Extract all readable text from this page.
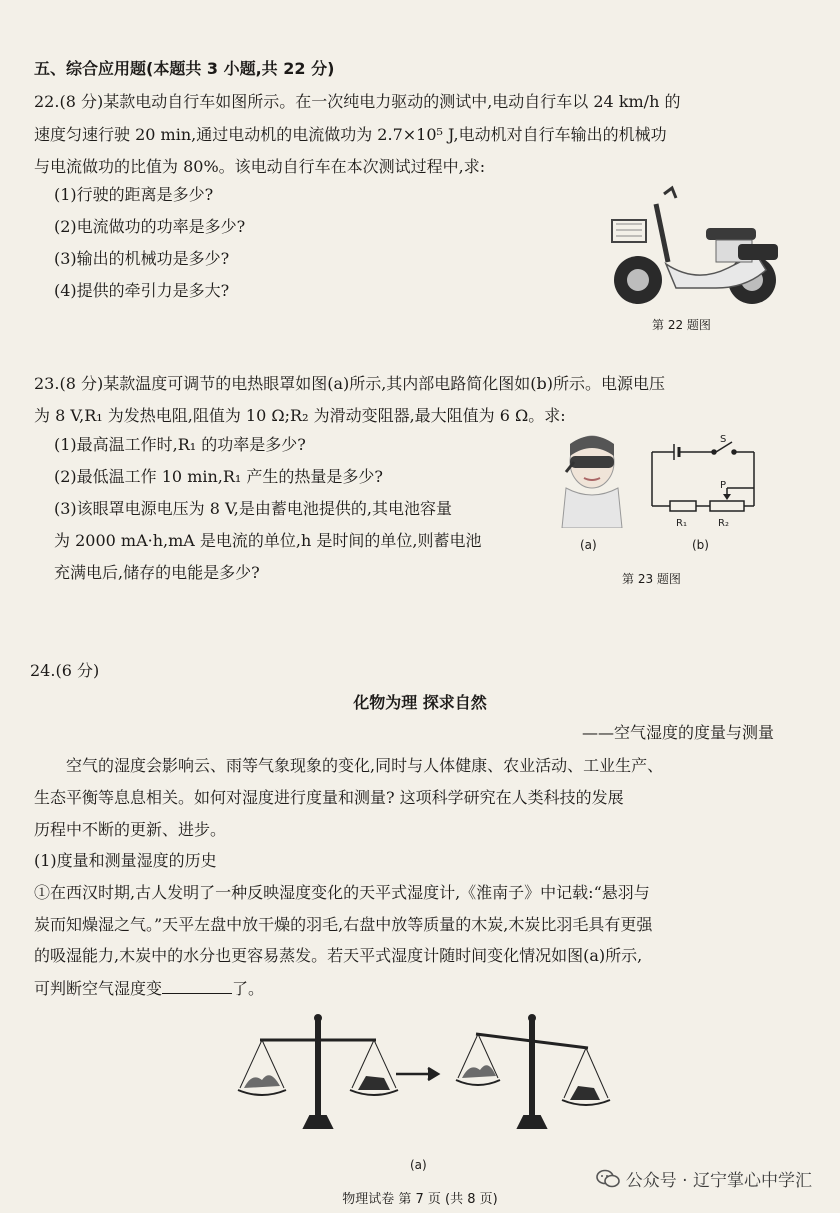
五、综合应用题(本题共 3 小题,共 22 分)
22.(8 分)某款电动自行车如图所示。在一次纯电力驱动的测试中,电动自行车以 24 km/h 的
速度匀速行驶 20 min,通过电动机的电流做功为 2.7×10⁵ J,电动机对自行车输出的机械功
与电流做功的比值为 80%。该电动自行车在本次测试过程中,求:
(1)行驶的距离是多少?
(2)电流做功的功率是多少?
(3)输出的机械功是多少?
(4)提供的牵引力是多大?
第 22 题图
23.(8 分)某款温度可调节的电热眼罩如图(a)所示,其内部电路简化图如(b)所示。电源电压
为 8 V,R₁ 为发热电阻,阻值为 10 Ω;R₂ 为滑动变阻器,最大阻值为 6 Ω。求:
(1)最高温工作时,R₁ 的功率是多少?
(2)最低温工作 10 min,R₁ 产生的热量是多少?
(3)该眼罩电源电压为 8 V,是由蓄电池提供的,其电池容量
为 2000 mA·h,mA 是电流的单位,h 是时间的单位,则蓄电池
充满电后,储存的电能是多少?
(a)
S
P
R₁	R₂
(b)
第 23 题图
24.(6 分)
化物为理 探求自然
——空气湿度的度量与测量
空气的湿度会影响云、雨等气象现象的变化,同时与人体健康、农业活动、工业生产、
生态平衡等息息相关。如何对湿度进行度量和测量? 这项科学研究在人类科技的发展
历程中不断的更新、进步。
(1)度量和测量湿度的历史
①在西汉时期,古人发明了一种反映湿度变化的天平式湿度计,《淮南子》中记载:“悬羽与
炭而知燥湿之气。”天平左盘中放干燥的羽毛,右盘中放等质量的木炭,木炭比羽毛具有更强
的吸湿能力,木炭中的水分也更容易蒸发。若天平式湿度计随时间变化情况如图(a)所示,
可判断空气湿度变	了。
(a)
公众号 · 辽宁掌心中学汇
物理试卷 第 7 页 (共 8 页)
